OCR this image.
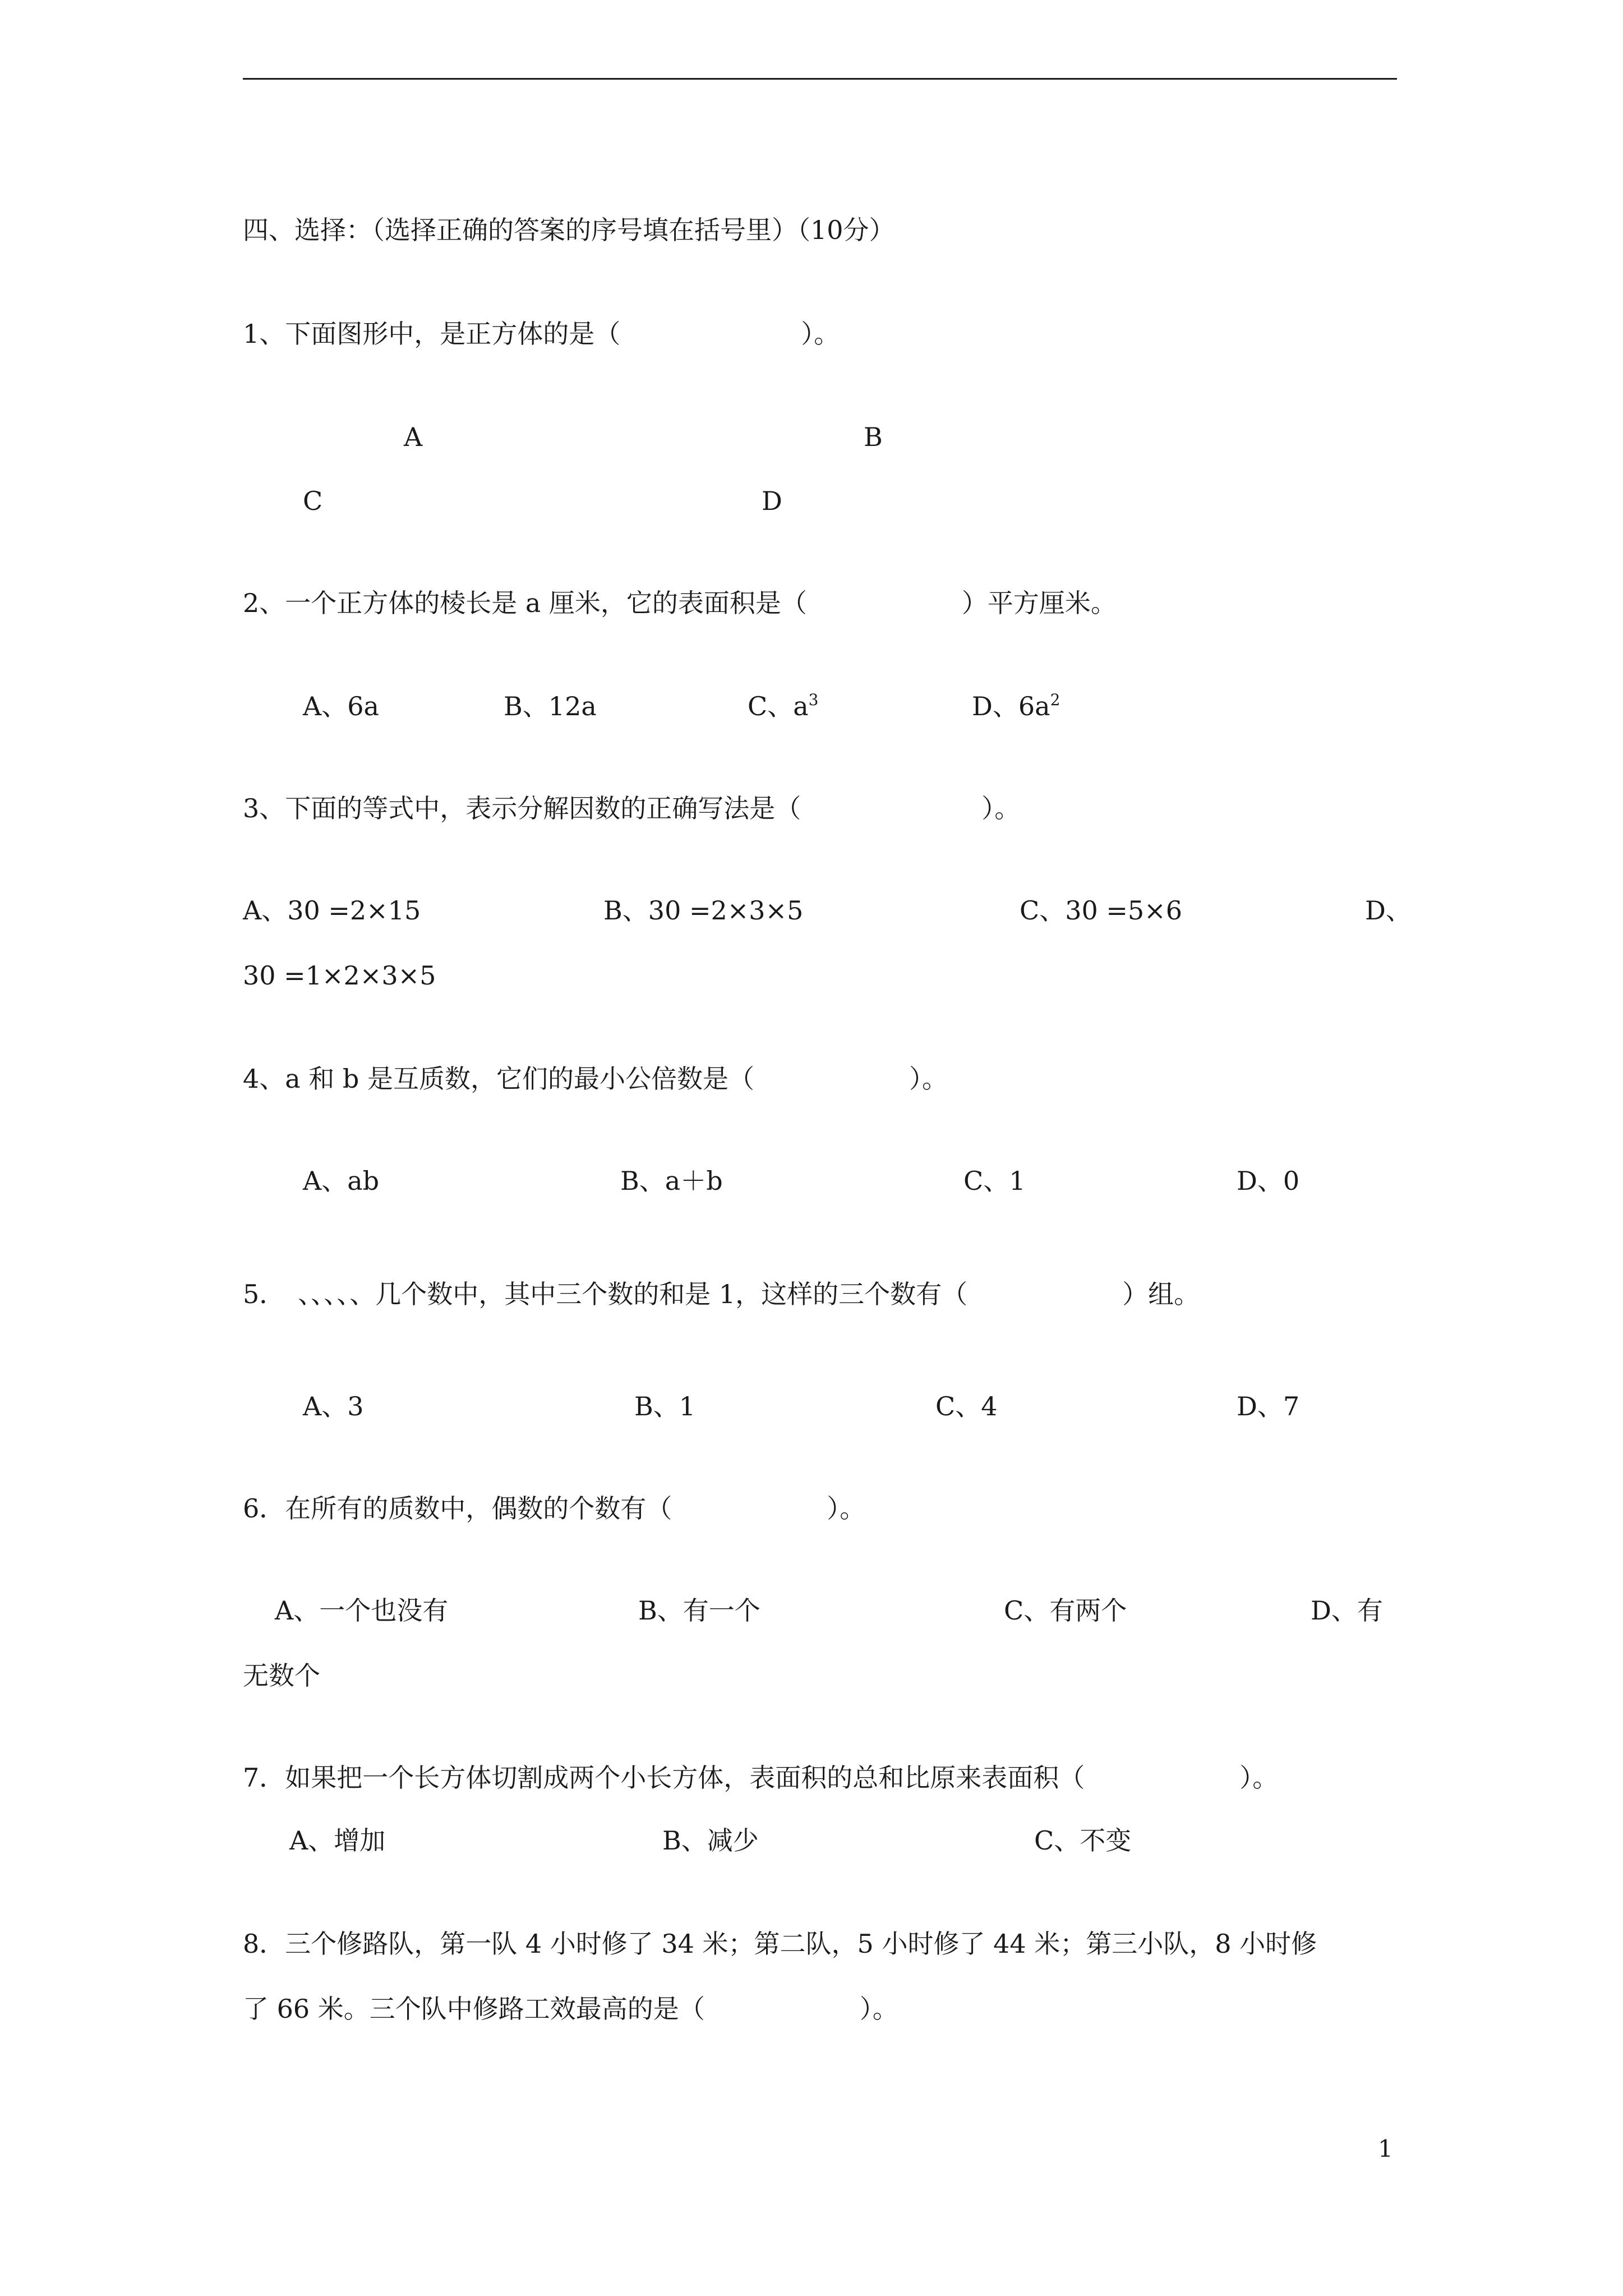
四、选择：（选择正确的答案的序号填在括号里）（10分）
1、下面图形中，是正方体的是（　　　　　　　）。
A	B
C	D
2、一个正方体的棱长是 a 厘米，它的表面积是（　　　　　　）平方厘米。
A、6a	B、12a	C、$a^3$	D、$6a^2$
3、下面的等式中，表示分解因数的正确写法是（　　　　　　　）。
A、30 =2×15	B、30 =2×3×5	C、30 =5×6	D、
30 =1×2×3×5
4、a 和 b 是互质数，它们的最小公倍数是（　　　　　　）。
A、ab	B、a＋b	C、1	D、0
5．　、、、、、几个数中，其中三个数的和是 1，这样的三个数有（　　　　　　）组。
A、3	B、1	C、4	D、7
6．在所有的质数中，偶数的个数有（　　　　　　）。
A、一个也没有	B、有一个	C、有两个	D、有
无数个
7．如果把一个长方体切割成两个小长方体，表面积的总和比原来表面积（　　　　　　）。
A、增加	B、减少	C、不变
8．三个修路队，第一队 4 小时修了 34 米；第二队，5 小时修了 44 米；第三小队，8 小时修
了 66 米。三个队中修路工效最高的是（　　　　　　）。
1
